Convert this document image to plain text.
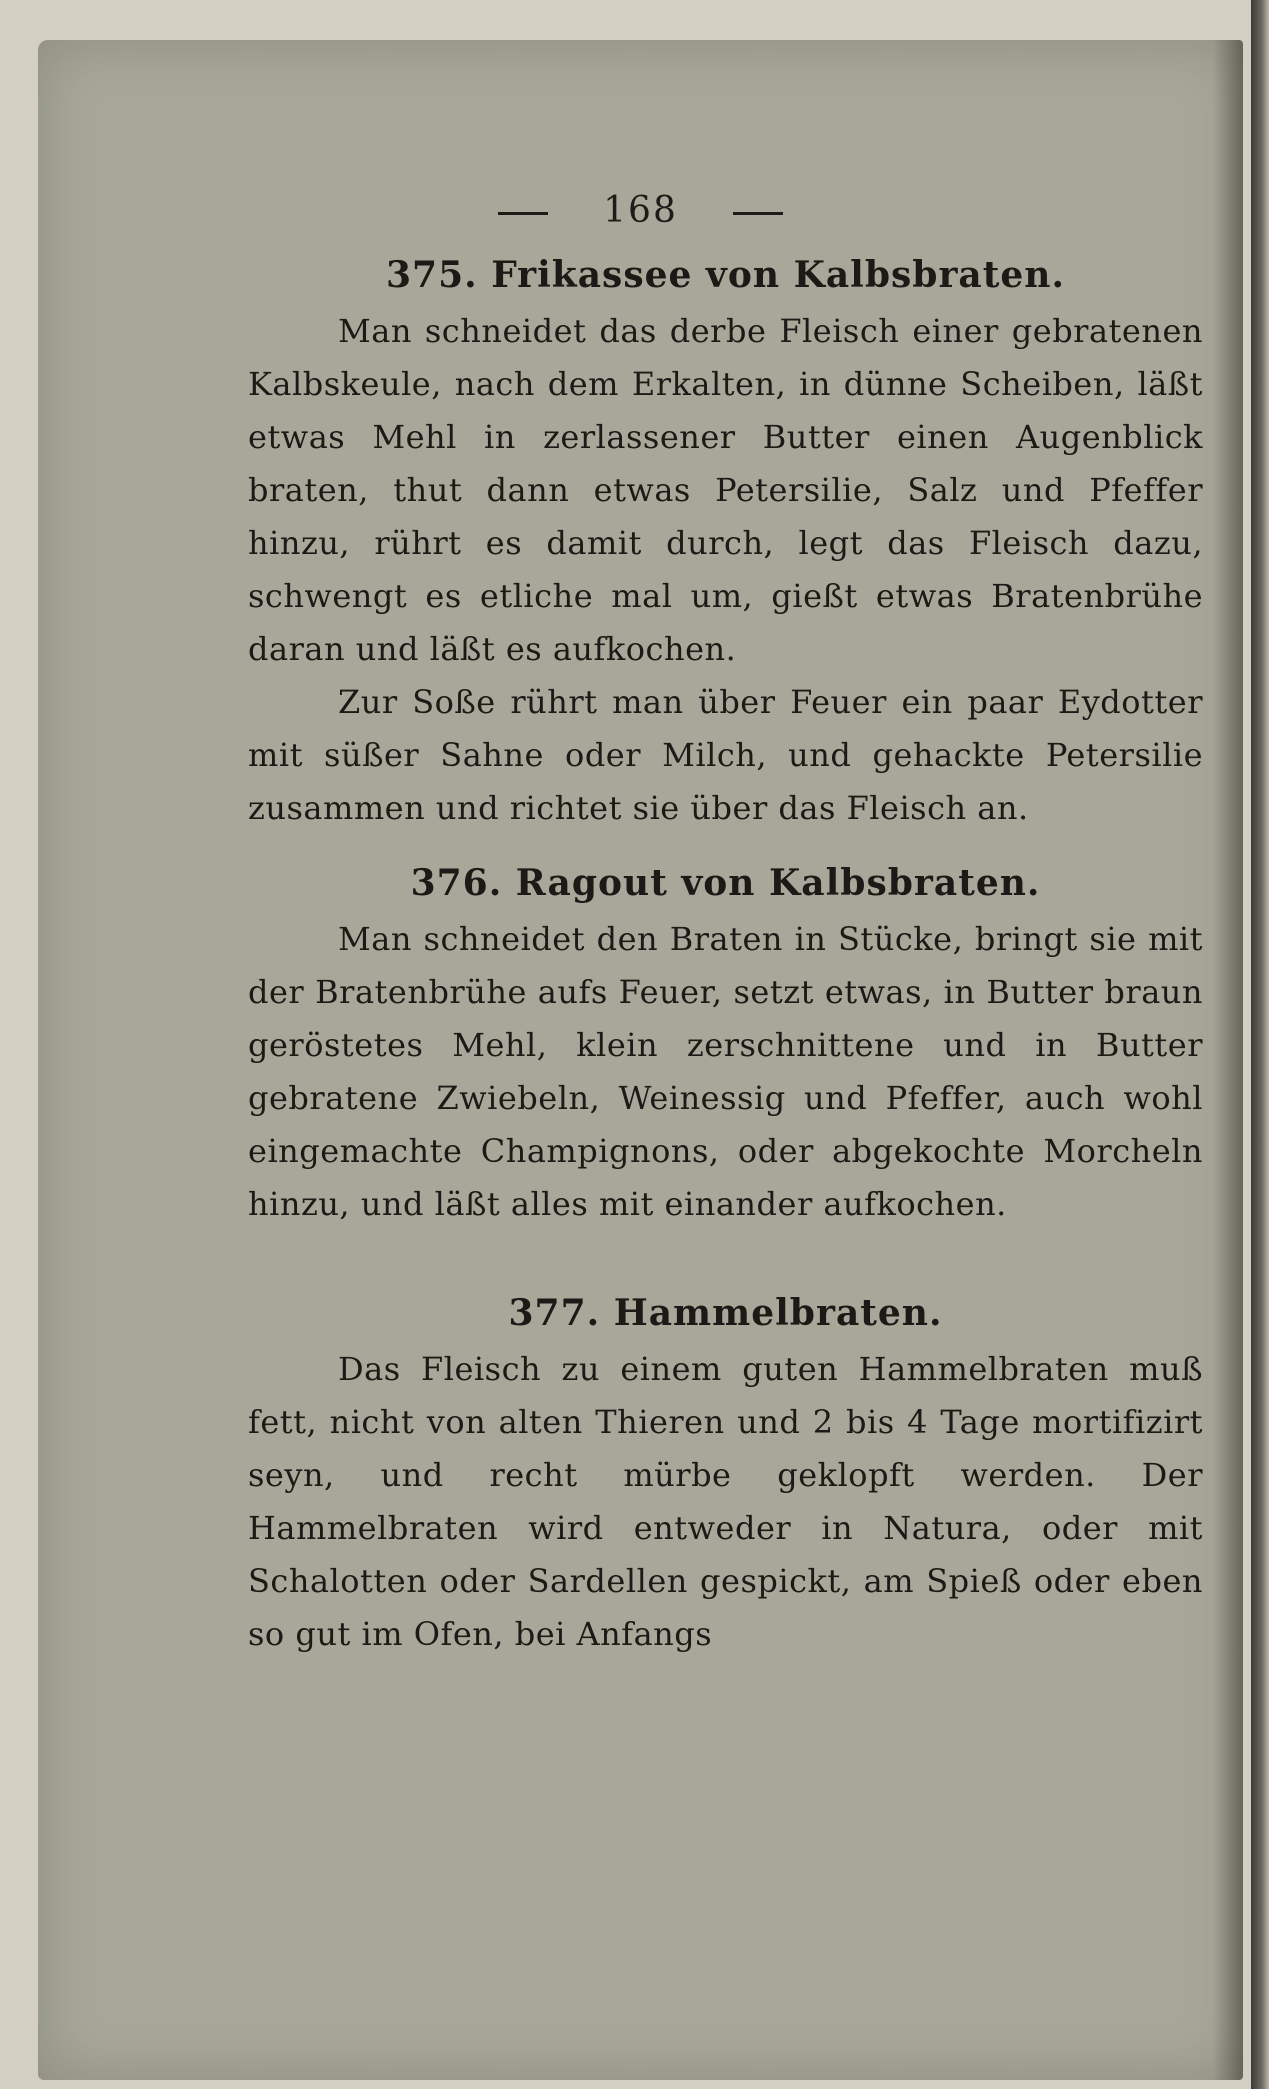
168
375. Frikassee von Kalbsbraten.

Man schneidet das derbe Fleisch einer gebratenen Kalbskeule, nach dem Erkalten, in dünne Scheiben, läßt etwas Mehl in zerlassener Butter einen Augenblick braten, thut dann etwas Petersilie, Salz und Pfeffer hinzu, rührt es damit durch, legt das Fleisch dazu, schwengt es etliche mal um, gießt etwas Bratenbrühe daran und läßt es aufkochen.

Zur Soße rührt man über Feuer ein paar Eydotter mit süßer Sahne oder Milch, und gehackte Petersilie zusammen und richtet sie über das Fleisch an.

376. Ragout von Kalbsbraten.

Man schneidet den Braten in Stücke, bringt sie mit der Bratenbrühe aufs Feuer, setzt etwas, in Butter braun geröstetes Mehl, klein zerschnittene und in Butter gebratene Zwiebeln, Weinessig und Pfeffer, auch wohl eingemachte Champignons, oder abgekochte Morcheln hinzu, und läßt alles mit einander aufkochen.

377. Hammelbraten.

Das Fleisch zu einem guten Hammelbraten muß fett, nicht von alten Thieren und 2 bis 4 Tage mortifizirt seyn, und recht mürbe geklopft werden. Der Hammelbraten wird entweder in Natura, oder mit Schalotten oder Sardellen gespickt, am Spieß oder eben so gut im Ofen, bei Anfangs
